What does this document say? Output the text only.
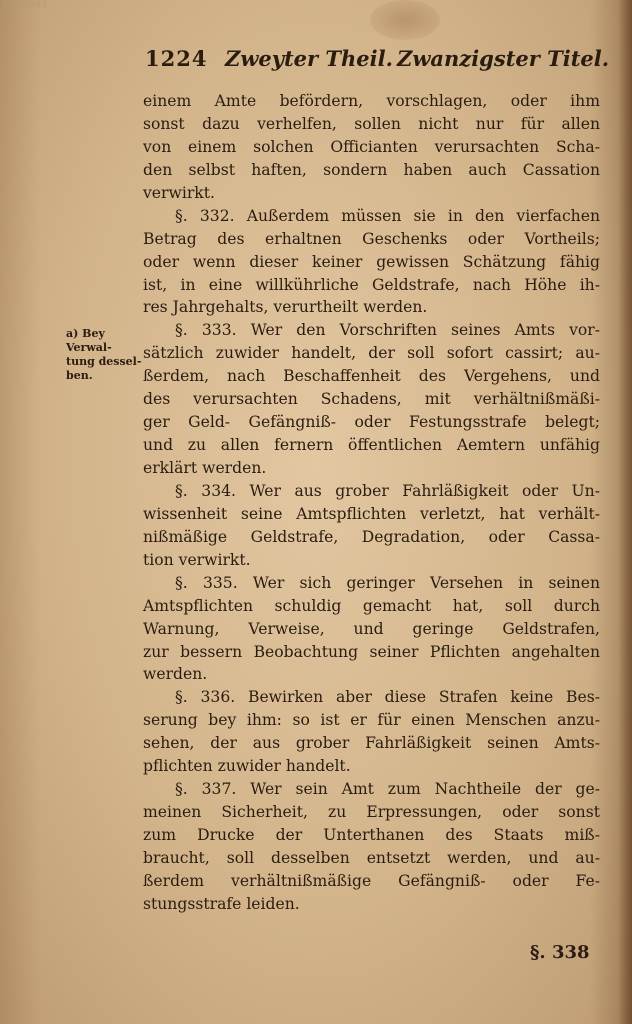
10/03885
1224 Zweyter Theil. Zwanzigster Titel.
a) Bey
Verwal-
tung dessel-
ben.
einem Amte befördern, vorschlagen, oder ihm
sonst dazu verhelfen, sollen nicht nur für allen
von einem solchen Officianten verursachten Scha-
den selbst haften, sondern haben auch Cassation
verwirkt.
§. 332. Außerdem müssen sie in den vierfachen
Betrag des erhaltnen Geschenks oder Vortheils;
oder wenn dieser keiner gewissen Schätzung fähig
ist, in eine willkührliche Geldstrafe, nach Höhe ih-
res Jahrgehalts, verurtheilt werden.
§. 333. Wer den Vorschriften seines Amts vor-
sätzlich zuwider handelt, der soll sofort cassirt; au-
ßerdem, nach Beschaffenheit des Vergehens, und
des verursachten Schadens, mit verhältnißmäßi-
ger Geld- Gefängniß- oder Festungsstrafe belegt;
und zu allen fernern öffentlichen Aemtern unfähig
erklärt werden.
§. 334. Wer aus grober Fahrläßigkeit oder Un-
wissenheit seine Amtspflichten verletzt, hat verhält-
nißmäßige Geldstrafe, Degradation, oder Cassa-
tion verwirkt.
§. 335. Wer sich geringer Versehen in seinen
Amtspflichten schuldig gemacht hat, soll durch
Warnung, Verweise, und geringe Geldstrafen,
zur bessern Beobachtung seiner Pflichten angehalten
werden.
§. 336. Bewirken aber diese Strafen keine Bes-
serung bey ihm: so ist er für einen Menschen anzu-
sehen, der aus grober Fahrläßigkeit seinen Amts-
pflichten zuwider handelt.
§. 337. Wer sein Amt zum Nachtheile der ge-
meinen Sicherheit, zu Erpressungen, oder sonst
zum Drucke der Unterthanen des Staats miß-
braucht, soll desselben entsetzt werden, und au-
ßerdem verhältnißmäßige Gefängniß- oder Fe-
stungsstrafe leiden.
§. 338
